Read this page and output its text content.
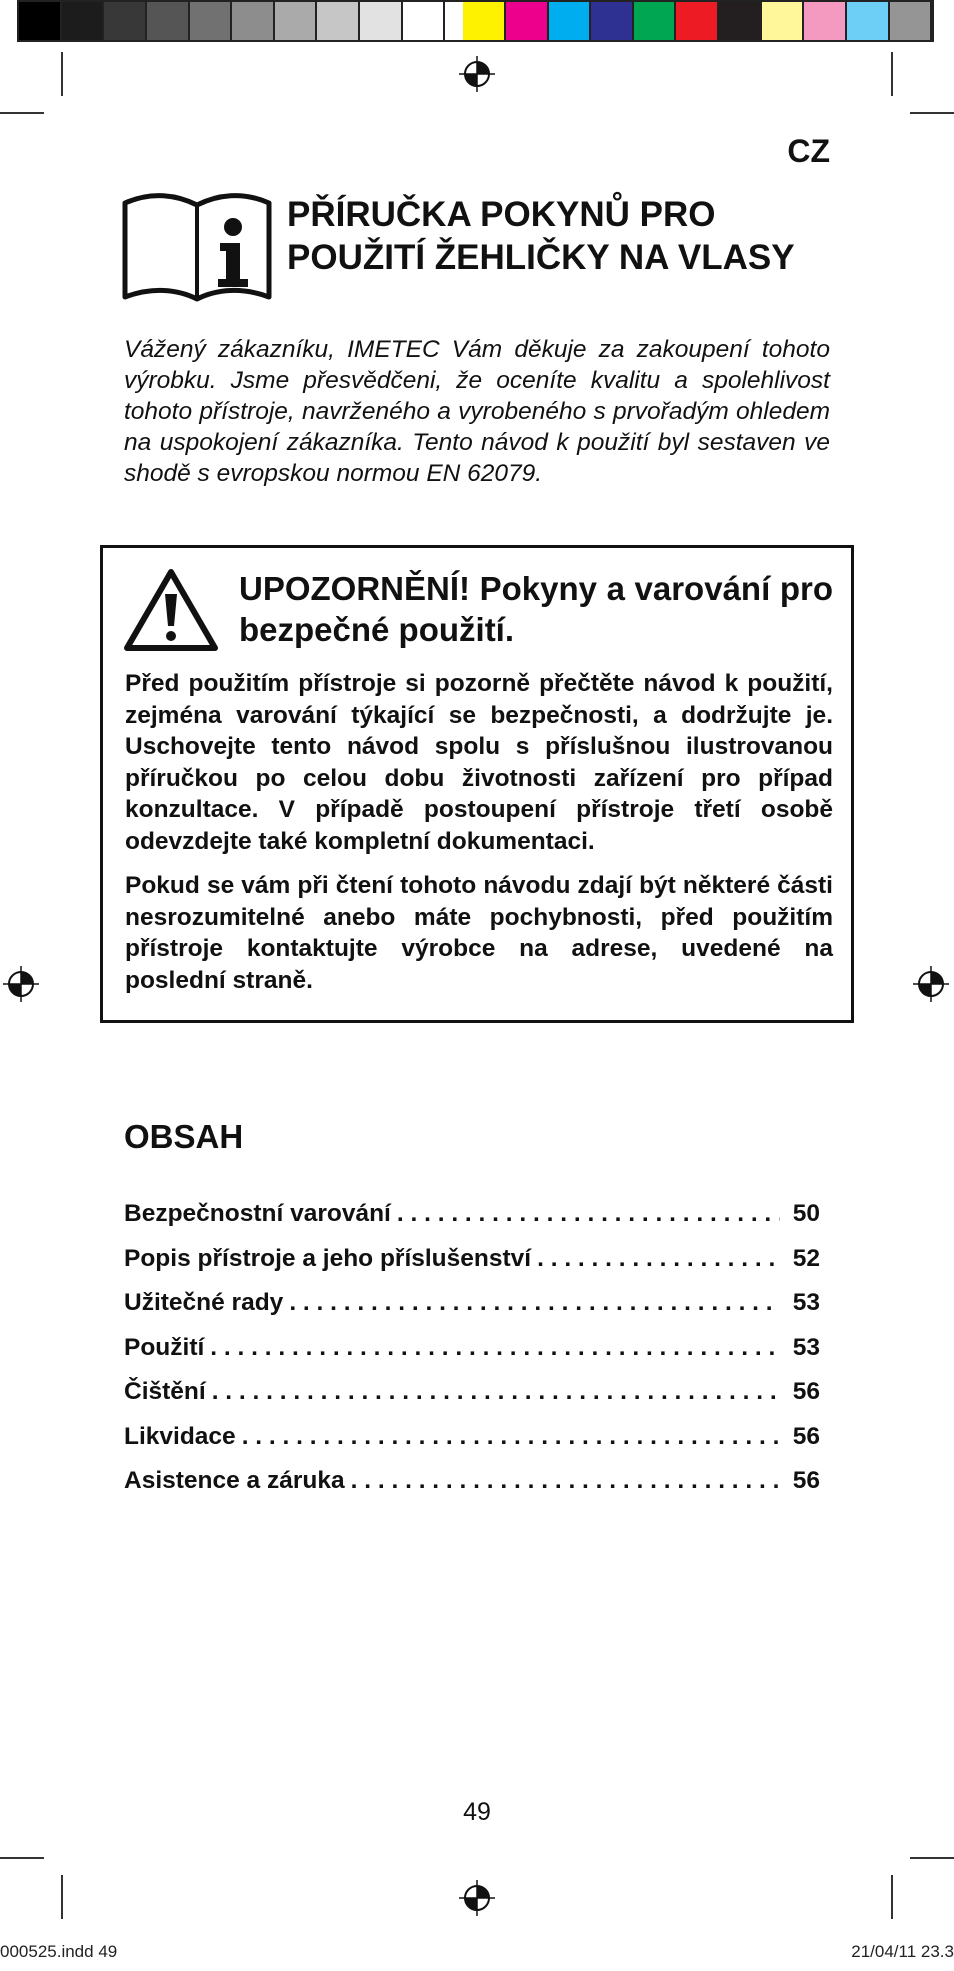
CZ
PŘÍRUČKA POKYNŮ PRO
POUŽITÍ ŽEHLIČKY NA VLASY
Vážený zákazníku, IMETEC Vám děkuje za zakoupení tohoto výrobku. Jsme přesvědčeni, že oceníte kvalitu a spolehlivost tohoto přístroje, navrženého a vyrobeného s prvořadým ohledem na uspokojení zákazníka. Tento návod k použití byl sestaven ve shodě s evropskou normou EN 62079.
UPOZORNĚNÍ! Pokyny a varování pro bezpečné použití.
Před použitím přístroje si pozorně přečtěte návod k použití, zejména varování týkající se bezpečnosti, a dodržujte je. Uschovejte tento návod spolu s příslušnou ilustrovanou příručkou po celou dobu životnosti zařízení pro případ konzultace. V případě postoupení přístroje třetí osobě odevzdejte také kompletní dokumentaci.
Pokud se vám při čtení tohoto návodu zdají být některé části nesrozumitelné anebo máte pochybnosti, před použitím přístroje kontaktujte výrobce na adrese, uvedené na poslední straně.
OBSAH
Bezpečnostní varování . . .	50
Popis přístroje a jeho příslušenství . . .	52
Užitečné rady . . .	53
Použití . . .	53
Čištění . . .	56
Likvidace . . .	56
Asistence a záruka . . .	56
49
000525.indd 49	21/04/11 23.3
